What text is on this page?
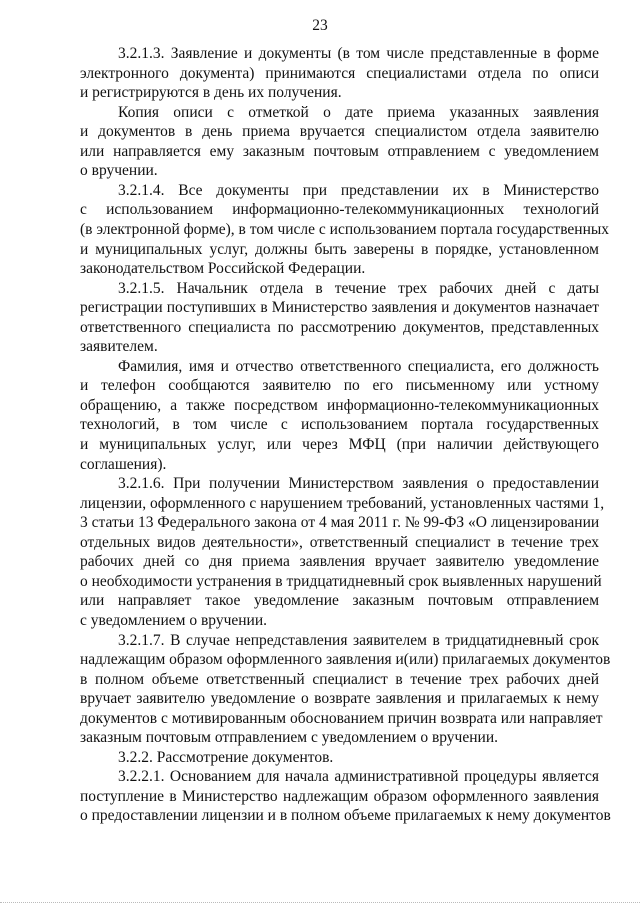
23
3.2.1.3. Заявление и документы (в том числе представленные в форме
электронного документа) принимаются специалистами отдела по описи
и регистрируются в день их получения.
Копия описи с отметкой о дате приема указанных заявления
и документов в день приема вручается специалистом отдела заявителю
или направляется ему заказным почтовым отправлением с уведомлением
о вручении.
3.2.1.4. Все документы при представлении их в Министерство
с использованием информационно-телекоммуникационных технологий
(в электронной форме), в том числе с использованием портала государственных
и муниципальных услуг, должны быть заверены в порядке, установленном
законодательством Российской Федерации.
3.2.1.5. Начальник отдела в течение трех рабочих дней с даты
регистрации поступивших в Министерство заявления и документов назначает
ответственного специалиста по рассмотрению документов, представленных
заявителем.
Фамилия, имя и отчество ответственного специалиста, его должность
и телефон сообщаются заявителю по его письменному или устному
обращению, а также посредством информационно-телекоммуникационных
технологий, в том числе с использованием портала государственных
и муниципальных услуг, или через МФЦ (при наличии действующего
соглашения).
3.2.1.6. При получении Министерством заявления о предоставлении
лицензии, оформленного с нарушением требований, установленных частями 1,
3 статьи 13 Федерального закона от 4 мая 2011 г. № 99-ФЗ «О лицензировании
отдельных видов деятельности», ответственный специалист в течение трех
рабочих дней со дня приема заявления вручает заявителю уведомление
о необходимости устранения в тридцатидневный срок выявленных нарушений
или направляет такое уведомление заказным почтовым отправлением
с уведомлением о вручении.
3.2.1.7. В случае непредставления заявителем в тридцатидневный срок
надлежащим образом оформленного заявления и(или) прилагаемых документов
в полном объеме ответственный специалист в течение трех рабочих дней
вручает заявителю уведомление о возврате заявления и прилагаемых к нему
документов с мотивированным обоснованием причин возврата или направляет
заказным почтовым отправлением с уведомлением о вручении.
3.2.2. Рассмотрение документов.
3.2.2.1. Основанием для начала административной процедуры является
поступление в Министерство надлежащим образом оформленного заявления
о предоставлении лицензии и в полном объеме прилагаемых к нему документов
